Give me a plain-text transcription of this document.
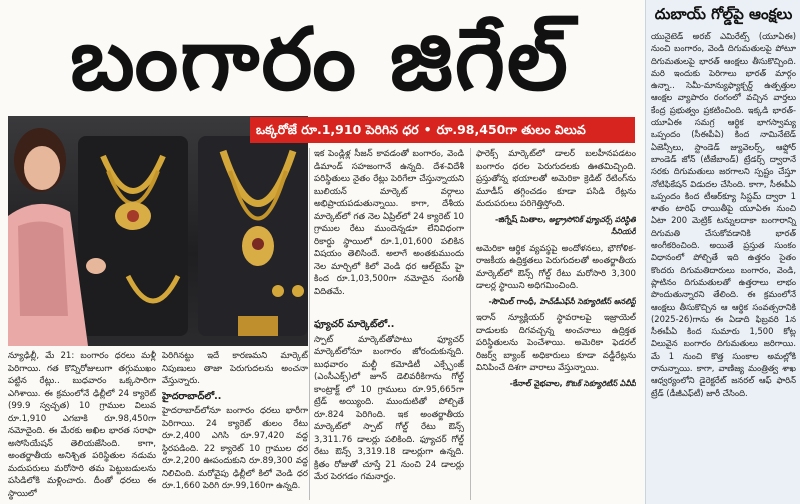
బంగారం జిగేల్
ఒక్కరోజే రూ.1,910 పెరిగిన ధర • రూ.98,450గా తులం విలువ

ఇక పెండ్లిళ్ల సీజన్ కావడంతో బంగారం, వెండి డిమాండ్ సహజంగానే ఉన్నది. దేశ-విదేశీ పరిస్థితులు నైతం రేట్లు పెరిగేలా చేస్తున్నాయని బులియన్ మార్కెట్ వర్గాలు అభిప్రాయపడుతున్నాయి. కాగా, దేశీయ మార్కెట్‌లో గత నెల ఏప్రిల్‌లో 24 క్యారెట్ 10 గ్రాముల రేటు ముందెన్నడూ లేనివిధంగా రికార్డు స్థాయిలో రూ.1,01,600 పలికిన విషయం తెలిసిందే. అలాగే అంతకుముందు నెల మార్చిలో కిలో వెండి ధర ఆల్‌టైమ్ హై కింద రూ.1,03,500గా నమోదైన సంగతీ విదితమే.

ఫ్యూచర్ మార్కెట్‌లో..

స్పాట్ మార్కెట్‌తోపాటు ఫ్యూచర్ మార్కెట్‌లోనూ బంగారం జోరందుకున్నది. బుధవారం మల్టీ కమోడిటీ ఎక్స్ఛేంజ్ (ఎంసీఎక్స్)లో జూన్ డెలివరీకిగాను గోల్డ్ కాంట్రాక్ట్ లో 10 గ్రాములు రూ.95,665గా ట్రేడ్ అయ్యింది. ముందుటితో పోల్చితే రూ.824 పెరిగింది. ఇక అంతర్జాతీయ మార్కెట్‌లో స్పాట్ గోల్డ్ రేటు ఔన్స్ 3,311.76 డాలర్లు పలికింది. ఫ్యూచర్ గోల్డ్ రేటు ఔన్స్ 3,319.18 డాలర్లుగా ఉన్నది. క్రితం రోజుతో చూస్తే 21 నుంచి 24 డాలర్లు మేర పెరగడం గమనార్హం.

ఫారెక్స్ మార్కెట్‌లో డాలర్ బలహీనపడటం బంగారం ధరల పెరుగుదలకు ఊతమిచ్చింది. ప్రస్తుతోన్న భయాలతో అమెరికా క్రెడిట్ రేటింగ్‌ను మూడీస్ తగ్గించడం కూడా పసిడి రేట్లను మదుపరులు పరిగెత్తిస్తోంది.

-జిగ్నేష్ మితాల, అల్ట్రాసోనిక్ ఫ్యూచర్స్ పరిస్ధితి సీనియర్

అమెరికా ఆర్థిక వ్యవస్థపై అందోళనలు, భౌగోళిక-రాజకీయ ఉద్రిక్తతలు పెరుగుదలతో అంతర్జాతీయ మార్కెట్‌లో ఔన్స్ గోల్డ్ రేటు మరోసారి 3,300 డాలర్ల స్థాయిని అధిగమించింది.

-సౌమిల్ గాంధీ, హెచ్‌డీఎఫ్‌సీ సెక్యూరిటీస్ అనలిస్ట్

ఇరాన్ న్యూక్లియర్ స్థావరాలపై ఇజ్రాయెల్ దాడులకు దిగవచ్చన్న అంచనాలు ఉద్రిక్తత పరిస్థితులను పెంచేశాయి. అమెరికా ఫెడరల్ రిజర్వ్ బ్యాంక్ అధికారులు కూడా వడ్డీరేట్లను వినిపించే దిశగా వారాలు వేస్తున్నాయి.

-కేనాల్ వైభవాల, కొటక్ సెక్యూరిటీస్ ఏవీపీ

న్యూఢిల్లీ, మే 21: బంగారం ధరలు మళ్లీ పెరిగాయి. గత కొన్నిరోజులుగా తగ్గుముఖం పట్టిన రేట్లు.. బుధవారం ఒక్కసారిగా ఎగిశాయి. ఈ క్రమంలోనే ఢిల్లీలో 24 క్యారెట్ (99.9 స్వచ్ఛత) 10 గ్రాముల విలువ రూ.1,910 ఎగబాకి రూ.98,450గా నమోదైంది. ఈ మేరకు అఖిల భారత సరాఫా అసోసియేషన్ తెలియజేసింది. కాగా, అంతర్జాతీయ అనిశ్చిత పరిస్థితుల నడుమ మదుపరులు మరోసారి తమ పెట్టుబడులను పసిడిలోకి మళ్లించారు. దీంతో ధరలు ఈ స్థాయిలో

పెరిగినట్టు ఇదే కారణమని మార్కెట్ నిపుణులు తాజా పెరుగుదలను అంచనా వేస్తున్నారు.

హైదరాబాద్‌లో..

హైదరాబాద్‌లోనూ బంగారం ధరలు భారీగా పెరిగాయి. 24 క్యారెట్ తులం రేటు రూ.2,400 ఎగిసి రూ.97,420 వద్ద స్థిరపడింది. 22 క్యారెట్ 10 గ్రాముల ధర రూ.2,200 ఊపందుకుని రూ.89,300 వద్ద నిలిచింది. మరోవైపు ఢిల్లీలో కిలో వెండి ధర రూ.1,660 పెరిగి రూ.99,160గా ఉన్నది.

దుబాయ్ గోల్డ్‌పై ఆంక్షలు
యునైటెడ్ అరబ్ ఎమిరేట్స్ (యూఏఈ) నుంచి బంగారం, వెండి దిగుమతులపై పోటూ దిగుమతులపై భారత్ ఆంక్షలు తీసుకొచ్చింది. మరి ఇందుకు పెరిగాలు భారత్ మార్గం ఉన్నా.. సెమీ-మాన్యుఫ్యాక్చర్డ్ ఉత్పత్తుల ఆంక్షల వ్యాపారం రంగంలో వచ్చిన వార్తలు కేంద్ర ప్రభుత్వం ప్రకటించింది. ఇక్కడి భారత్-యూఏఈ సమగ్ర ఆర్థిక భాగస్వామ్య ఒప్పందం (సీఈపీఏ) కింద నామినేటెడ్ ఏజెన్సీలు, స్టాండెడ్ జ్యువెలర్స్, ఆఫ్షోర్ బాండెడ్ జోన్ (టీజేబాండ్) ట్రేడర్స్ ద్వారానే సరకు దిగుమతులు జరగాలని స్పష్టం చేస్తూ నోటిఫికేషన్ విడుదల చేసింది. కాగా, సీఈపీఏ ఒప్పందం కింద టీఆర్‌క్యూ సిస్టమ్ ద్వారా 1 శాతం టారిఫ్ రాయితీపై యూఏఈ నుంచి ఏటా 200 మెట్రిక్ టన్నులదాకా బంగారాన్ని దిగుమతి చేసుకోవడానికి భారత్ అంగీకరించింది. అయితే ప్రస్తుత సుంకం విధానంలో పోల్చితే ఇది ఉత్తరం సైతం కొందరు దిగుమతిదారులు బంగారం, వెండి, ప్లాటినం దిగుమతులతో ఉత్తరాలు లాభం పొందుతున్నారని తేలింది. ఈ క్రమంలోనే ఆంక్షలు తీసుకొచ్చిన ఆ ఆర్థిక సంవత్సరానికి (2025-26)గాను ఈ ఏడాది ఫిబ్రవరి 1న సీఈపీఏ కింద సుమారు 1,500 కోట్ల విలువైన బంగారం దిగుమతులు జరిగాయి. మే 1 నుంచి కొత్త సుంకాల అమల్లోకి రానున్నాయి. కాగా, వాణిజ్య మంత్రిత్వ శాఖ ఆధ్వర్యంలోని డైరెక్టరేట్ జనరల్ ఆఫ్ ఫారిన్ ట్రేడ్ (డీజీఎఫ్‌టీ) జారీ చేసింది.
